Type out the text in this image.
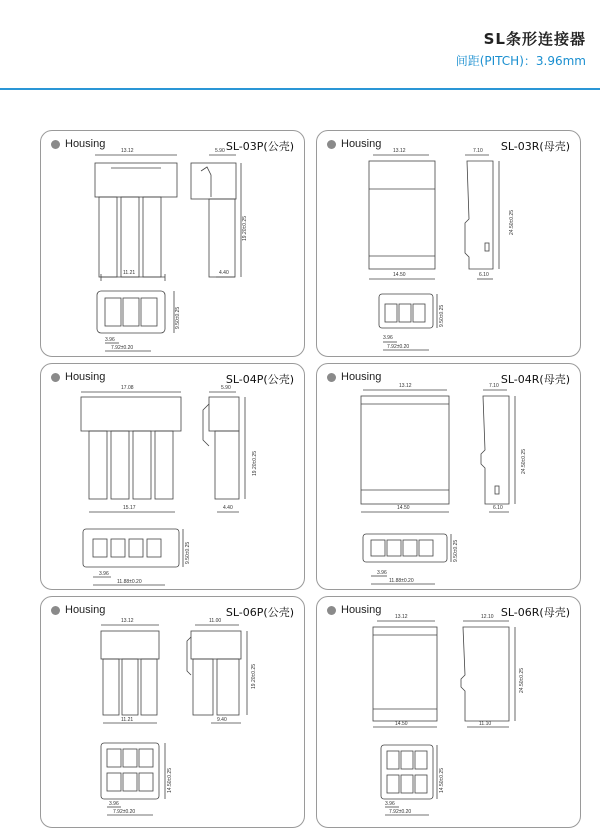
SL条形连接器
间距(PITCH)：3.96mm
Housing	SL-03P(公壳)
13.12	5.90
19.20±0.25
11.21	4.40
9.50±0.25
3.96
7.92±0.20
Housing	SL-03R(母壳)
13.12	7.10
24.50±0.25
14.50	6.10
9.50±0.25
3.96
7.92±0.20
Housing	SL-04P(公壳)
17.08	5.90
19.20±0.25
15.17	4.40
9.50±0.25
3.96
11.88±0.20
Housing	SL-04R(母壳)
13.12	7.10
24.50±0.25
14.50	6.10
9.50±0.25
3.96
11.88±0.20
Housing	SL-06P(公壳)
13.12	11.00
19.20±0.25
11.21	9.40
14.50±0.25
3.96
7.92±0.20
Housing	SL-06R(母壳)
13.12	12.10
24.50±0.25
14.50	11.10
14.50±0.25
3.96
7.92±0.20
